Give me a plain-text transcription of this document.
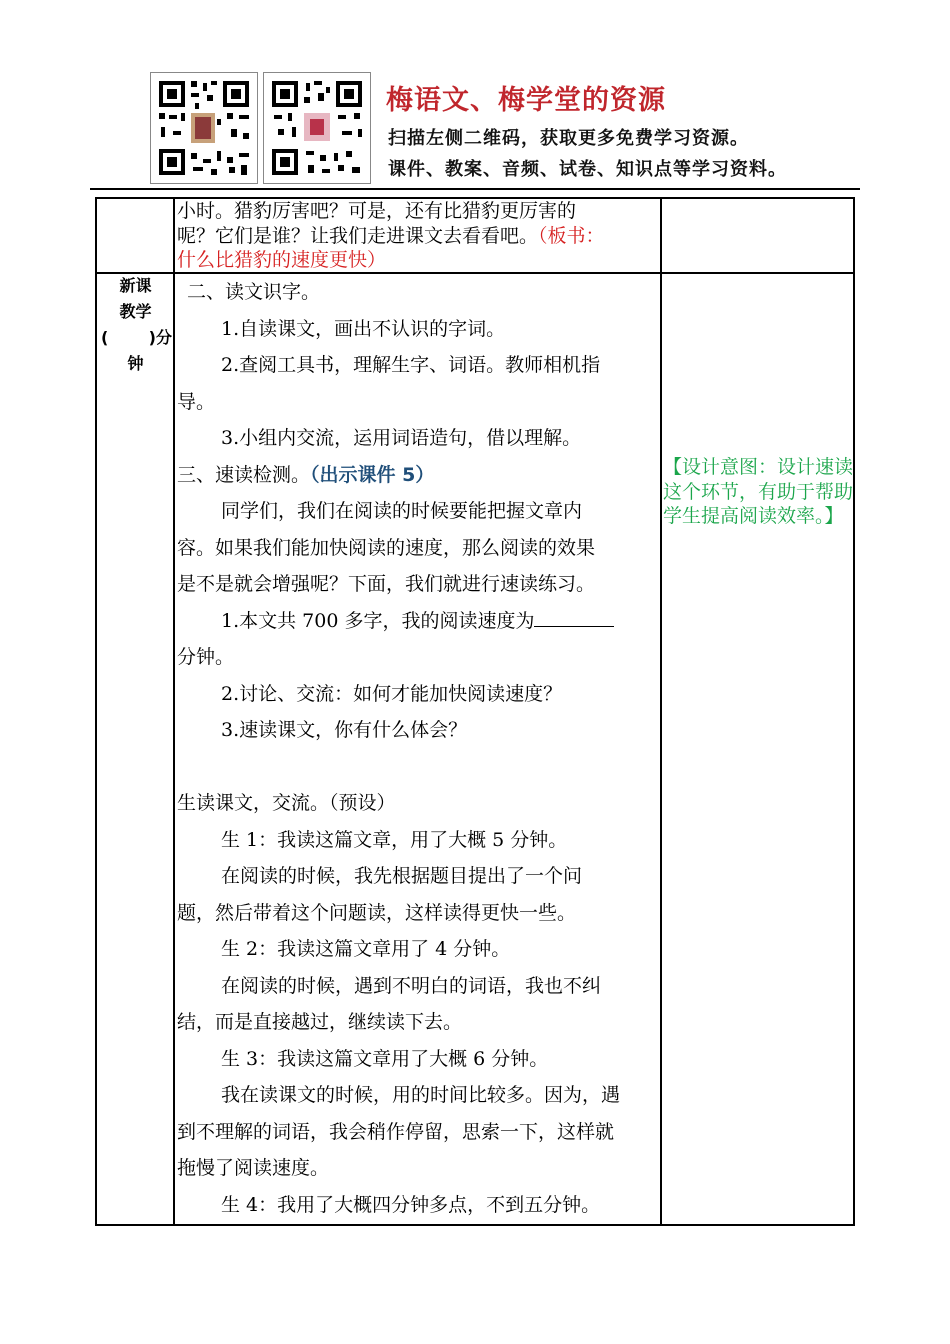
梅语文、梅学堂的资源
扫描左侧二维码，获取更多免费学习资源。
课件、教案、音频、试卷、知识点等学习资料。
新课
教学
(	)分
钟

小时。猎豹厉害吧？可是，还有比猎豹更厉害的

呢？它们是谁？让我们走进课文去看看吧。（板书：

什么比猎豹的速度更快）

二、读文识字。

1.自读课文，画出不认识的字词。

2.查阅工具书，理解生字、词语。教师相机指

导。

3.小组内交流，运用词语造句，借以理解。

三、速读检测。（出示课件 5）

同学们，我们在阅读的时候要能把握文章内

容。如果我们能加快阅读的速度，那么阅读的效果

是不是就会增强呢？下面，我们就进行速读练习。

1.本文共 700 多字，我的阅读速度为

分钟。

2.讨论、交流：如何才能加快阅读速度？

3.速读课文，你有什么体会？

生读课文，交流。（预设）

生 1：我读这篇文章，用了大概 5 分钟。

在阅读的时候，我先根据题目提出了一个问

题，然后带着这个问题读，这样读得更快一些。

生 2：我读这篇文章用了 4 分钟。

在阅读的时候，遇到不明白的词语，我也不纠

结，而是直接越过，继续读下去。

生 3：我读这篇文章用了大概 6 分钟。

我在读课文的时候，用的时间比较多。因为，遇

到不理解的词语，我会稍作停留，思索一下，这样就

拖慢了阅读速度。

生 4：我用了大概四分钟多点，不到五分钟。

【设计意图：设计速读这个环节，有助于帮助学生提高阅读效率。】
